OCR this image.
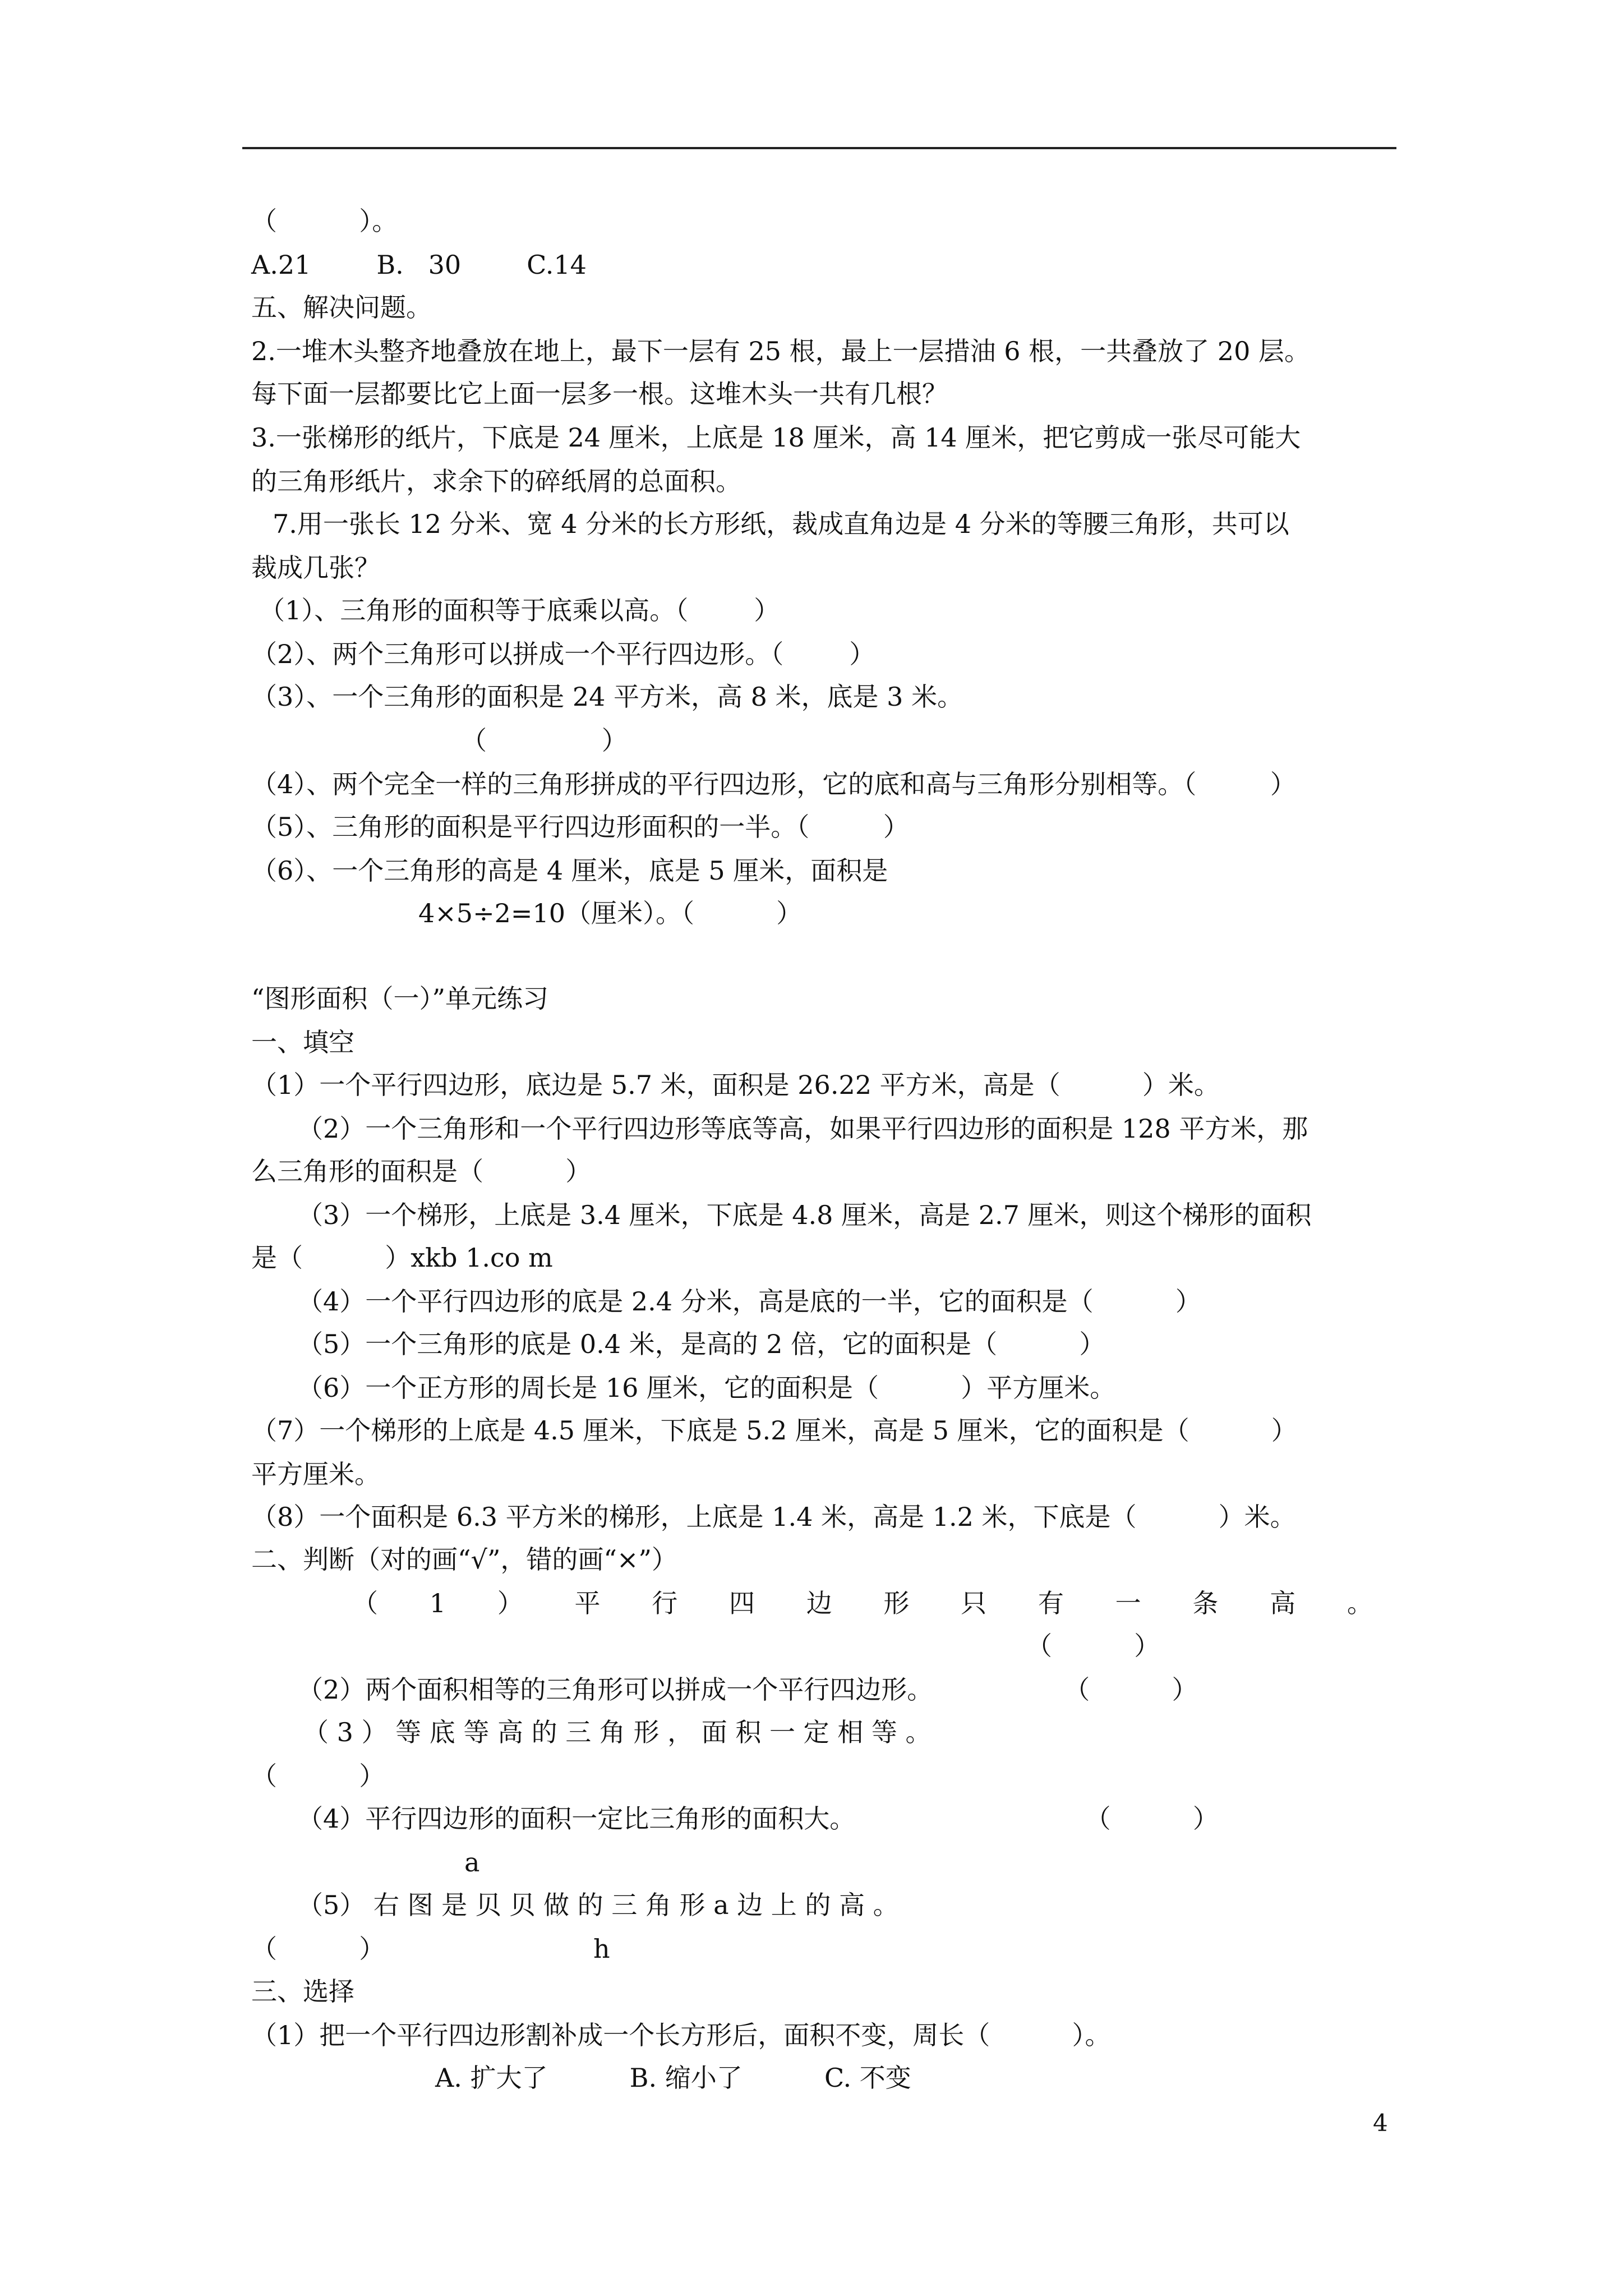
（          ）。
A.21        B.   30        C.14
五、解决问题。
2.一堆木头整齐地叠放在地上，最下一层有 25 根，最上一层措油 6 根，一共叠放了 20 层。
每下面一层都要比它上面一层多一根。这堆木头一共有几根？
3.一张梯形的纸片，下底是 24 厘米，上底是 18 厘米，高 14 厘米，把它剪成一张尽可能大
的三角形纸片，求余下的碎纸屑的总面积。
7.用一张长 12 分米、宽 4 分米的长方形纸，裁成直角边是 4 分米的等腰三角形，共可以
裁成几张？
（1）、三角形的面积等于底乘以高。（        ）
（2）、两个三角形可以拼成一个平行四边形。（        ）
（3）、一个三角形的面积是 24 平方米，高 8 米，底是 3 米。
（              ）
（4）、两个完全一样的三角形拼成的平行四边形，它的底和高与三角形分别相等。（         ）
（5）、三角形的面积是平行四边形面积的一半。（         ）
（6）、一个三角形的高是 4 厘米，底是 5 厘米，面积是
4×5÷2=10（厘米）。（          ）
“图形面积（一）”单元练习
一、填空
（1）一个平行四边形，底边是 5.7 米，面积是 26.22 平方米，高是（          ）米。
（2）一个三角形和一个平行四边形等底等高，如果平行四边形的面积是 128 平方米，那
么三角形的面积是（          ）
（3）一个梯形，上底是 3.4 厘米，下底是 4.8 厘米，高是 2.7 厘米，则这个梯形的面积
是（          ）xkb 1.co m
（4）一个平行四边形的底是 2.4 分米，高是底的一半，它的面积是（          ）
（5）一个三角形的底是 0.4 米，是高的 2 倍，它的面积是（          ）
（6）一个正方形的周长是 16 厘米，它的面积是（          ）平方厘米。
（7）一个梯形的上底是 4.5 厘米，下底是 5.2 厘米，高是 5 厘米，它的面积是（          ）
平方厘米。
（8）一个面积是 6.3 平方米的梯形，上底是 1.4 米，高是 1.2 米，下底是（          ）米。
二、判断（对的画“√”，错的画“×”）
（ 1 ） 平 行 四 边 形 只 有 一 条 高 。
（          ）
（2）两个面积相等的三角形可以拼成一个平行四边形。                （          ）
（ 3 ） 等 底 等 高 的 三 角 形 ， 面 积 一 定 相 等 。
（          ）
（4）平行四边形的面积一定比三角形的面积大。                            （          ）
a
（5） 右 图 是 贝 贝 做 的 三 角 形 a 边 上 的 高 。
（          ）	h
三、选择
（1）把一个平行四边形割补成一个长方形后，面积不变，周长（          ）。
A. 扩大了          B. 缩小了          C. 不变
4
